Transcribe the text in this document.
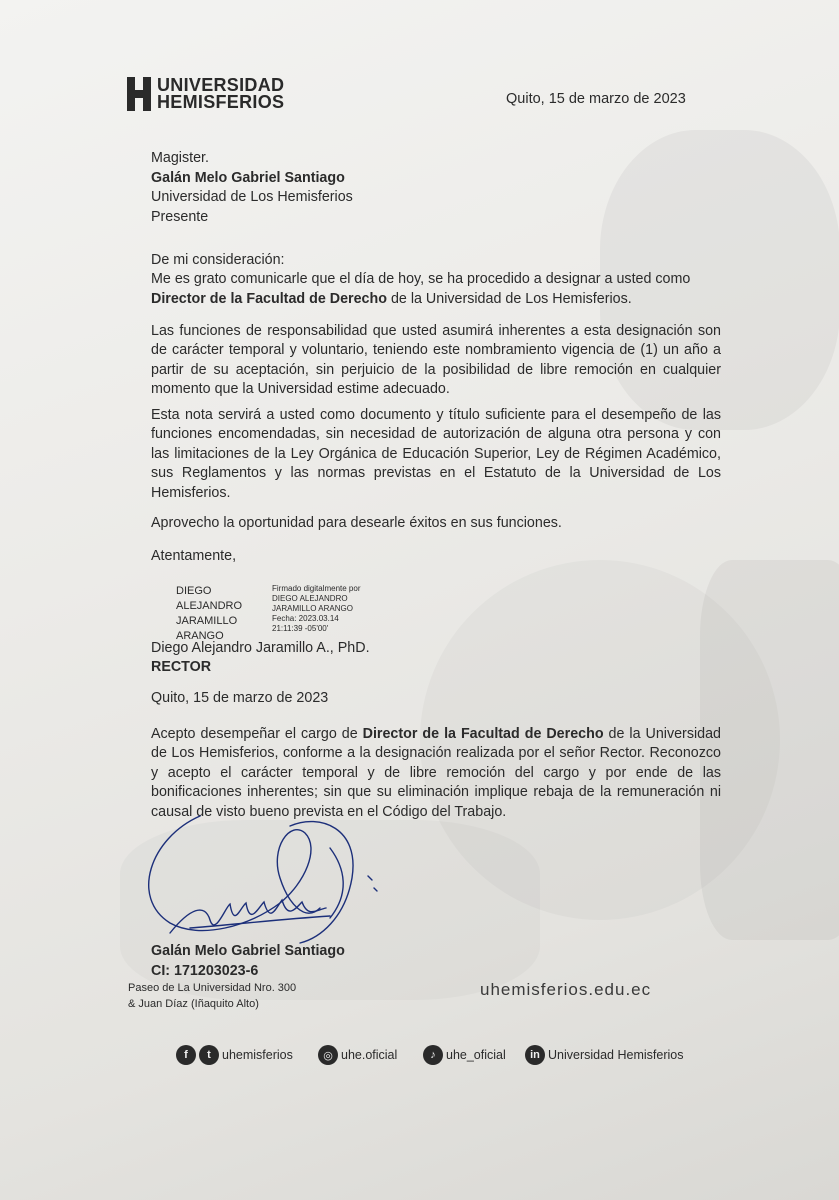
UNIVERSIDAD
HEMISFERIOS	Quito, 15 de marzo de 2023
Magister.
Galán Melo Gabriel Santiago
Universidad de Los Hemisferios
Presente
De mi consideración:
Me es grato comunicarle que el día de hoy, se ha procedido a designar a usted como Director de la Facultad de Derecho de la Universidad de Los Hemisferios.
Las funciones de responsabilidad que usted asumirá inherentes a esta designación son de carácter temporal y voluntario, teniendo este nombramiento vigencia de (1) un año a partir de su aceptación, sin perjuicio de la posibilidad de libre remoción en cualquier momento que la Universidad estime adecuado.
Esta nota servirá a usted como documento y título suficiente para el desempeño de las funciones encomendadas, sin necesidad de autorización de alguna otra persona y con las limitaciones de la Ley Orgánica de Educación Superior, Ley de Régimen Académico, sus Reglamentos y las normas previstas en el Estatuto de la Universidad de Los Hemisferios.
Aprovecho la oportunidad para desearle éxitos en sus funciones.
Atentamente,
DIEGO ALEJANDRO
JARAMILLO
ARANGO
Firmado digitalmente por
DIEGO ALEJANDRO
JARAMILLO ARANGO
Fecha: 2023.03.14
21:11:39 -05'00'
Diego Alejandro Jaramillo A., PhD.
RECTOR
Quito, 15 de marzo de 2023
Acepto desempeñar el cargo de Director de la Facultad de Derecho de la Universidad de Los Hemisferios, conforme a la designación realizada por el señor Rector. Reconozco y acepto el carácter temporal y de libre remoción del cargo y por ende de las bonificaciones inherentes; sin que su eliminación implique rebaja de la remuneración ni causal de visto bueno prevista en el Código del Trabajo.
Galán Melo Gabriel Santiago
CI: 171203023-6
Paseo de La Universidad Nro. 300
& Juan Díaz (Iñaquito Alto)
uhemisferios.edu.ec
f	t uhemisferios	◎ uhe.oficial	♪ uhe_oficial	in Universidad Hemisferios
